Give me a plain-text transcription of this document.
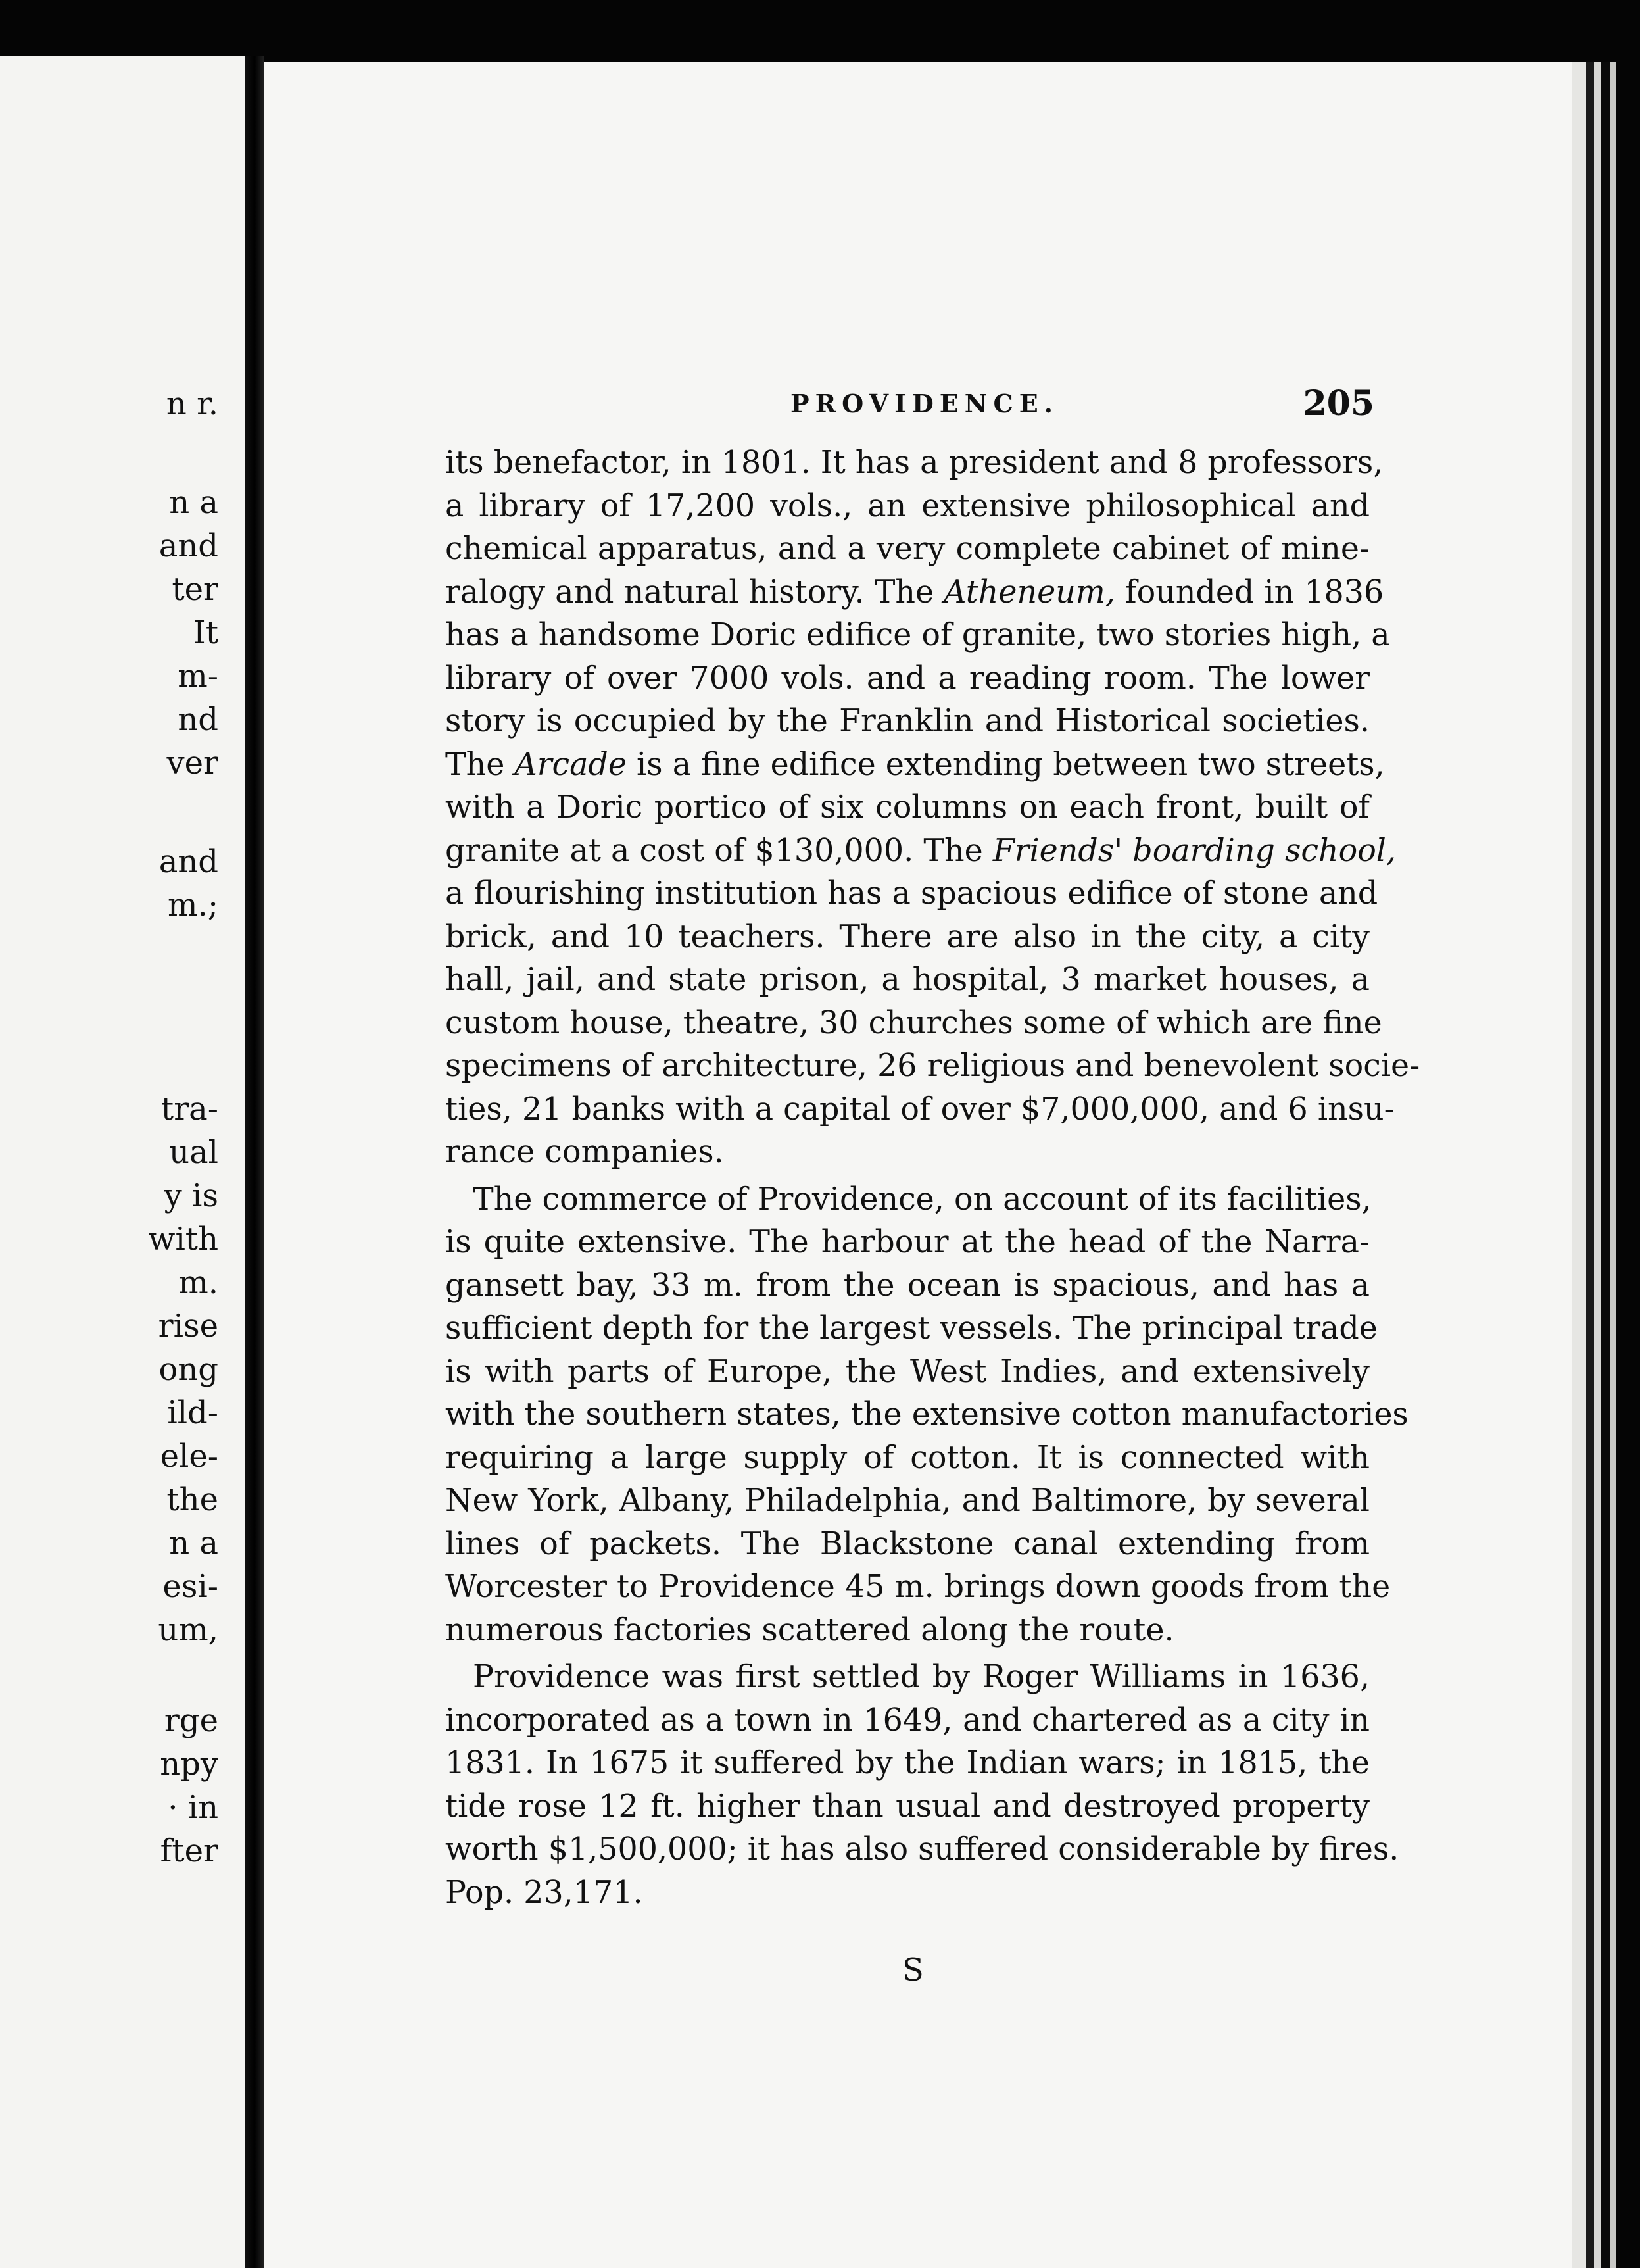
n r.
n a
and
ter
It
m-
nd
ver
and
m.;
tra-
ual
y is
with
m.
rise
ong
ild-
ele-
the
n a
esi-
um,
rge
npy
· in
fter
PROVIDENCE.	205
its benefactor, in 1801. It has a president and 8 professors,
a library of 17,200 vols., an extensive philosophical and
chemical apparatus, and a very complete cabinet of mine-
ralogy and natural history. The Atheneum, founded in 1836
has a handsome Doric edifice of granite, two stories high, a
library of over 7000 vols. and a reading room. The lower
story is occupied by the Franklin and Historical societies.
The Arcade is a fine edifice extending between two streets,
with a Doric portico of six columns on each front, built of
granite at a cost of $130,000. The Friends' boarding school,
a flourishing institution has a spacious edifice of stone and
brick, and 10 teachers. There are also in the city, a city
hall, jail, and state prison, a hospital, 3 market houses, a
custom house, theatre, 30 churches some of which are fine
specimens of architecture, 26 religious and benevolent socie-
ties, 21 banks with a capital of over $7,000,000, and 6 insu-
rance companies.
The commerce of Providence, on account of its facilities,
is quite extensive. The harbour at the head of the Narra-
gansett bay, 33 m. from the ocean is spacious, and has a
sufficient depth for the largest vessels. The principal trade
is with parts of Europe, the West Indies, and extensively
with the southern states, the extensive cotton manufactories
requiring a large supply of cotton. It is connected with
New York, Albany, Philadelphia, and Baltimore, by several
lines of packets. The Blackstone canal extending from
Worcester to Providence 45 m. brings down goods from the
numerous factories scattered along the route.
Providence was first settled by Roger Williams in 1636,
incorporated as a town in 1649, and chartered as a city in
1831. In 1675 it suffered by the Indian wars; in 1815, the
tide rose 12 ft. higher than usual and destroyed property
worth $1,500,000; it has also suffered considerable by fires.
Pop. 23,171.
S
